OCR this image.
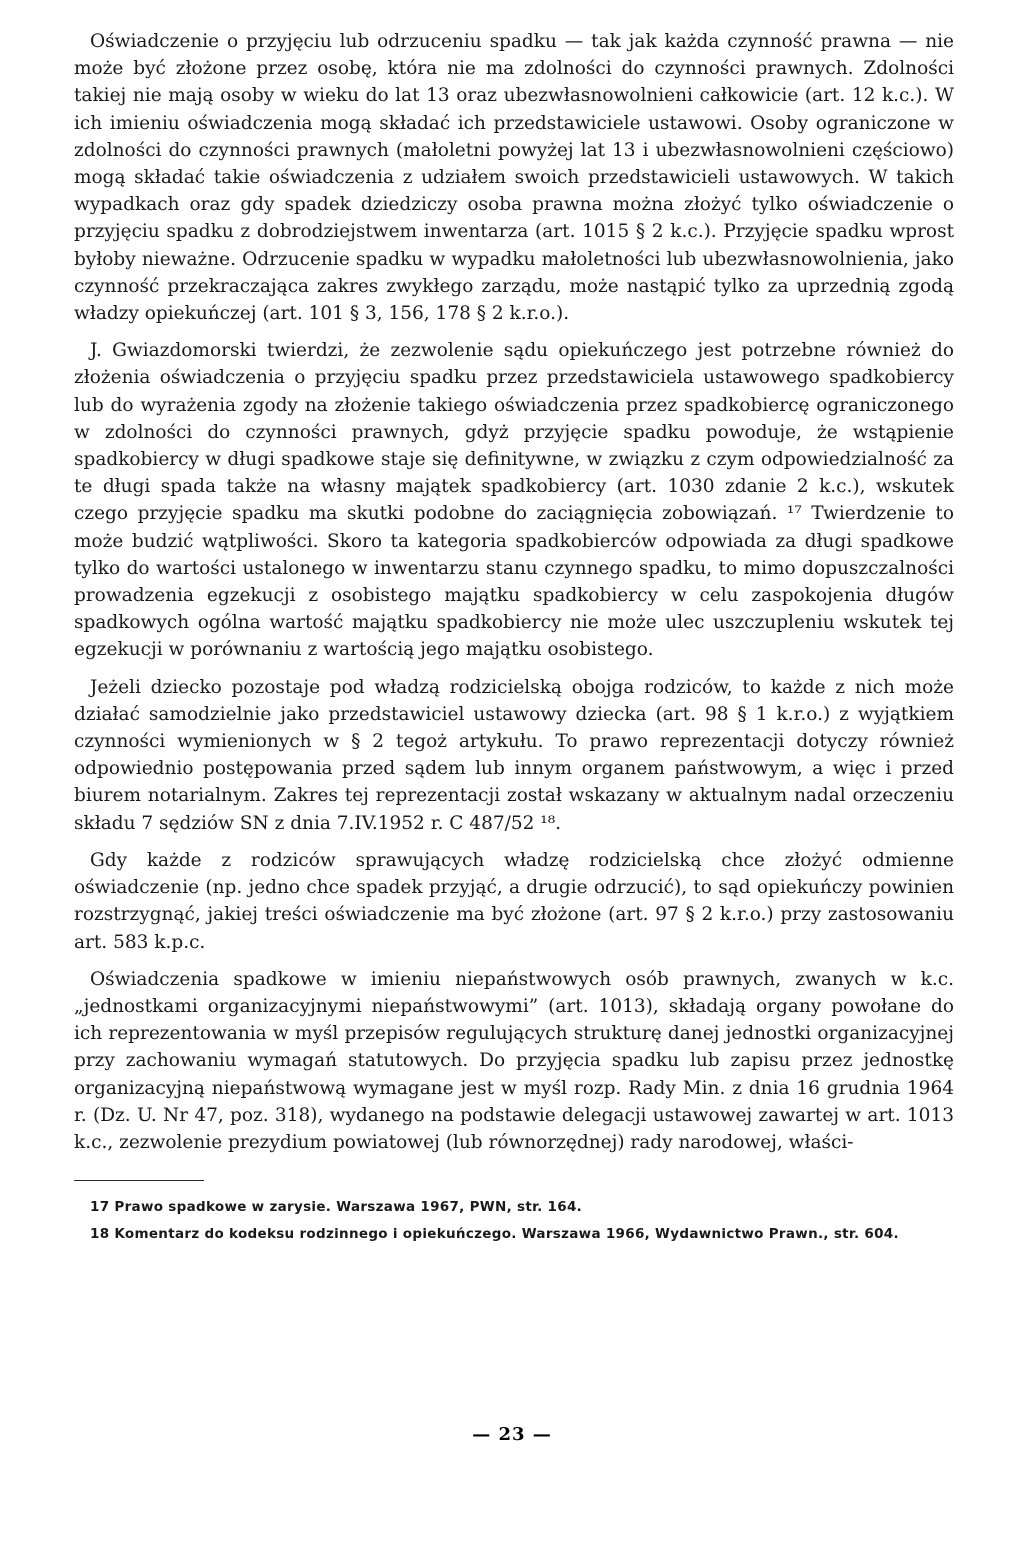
Oświadczenie o przyjęciu lub odrzuceniu spadku — tak jak każda czynność prawna — nie może być złożone przez osobę, która nie ma zdolności do czynności prawnych. Zdolności takiej nie mają osoby w wieku do lat 13 oraz ubezwłasnowolnieni całkowicie (art. 12 k.c.). W ich imieniu oświadczenia mogą składać ich przedstawiciele ustawowi. Osoby ograniczone w zdolności do czynności prawnych (małoletni powyżej lat 13 i ubezwłasnowolnieni częściowo) mogą składać takie oświadczenia z udziałem swoich przedstawicieli ustawowych. W takich wypadkach oraz gdy spadek dziedziczy osoba prawna można złożyć tylko oświadczenie o przyjęciu spadku z dobrodziejstwem inwentarza (art. 1015 § 2 k.c.). Przyjęcie spadku wprost byłoby nieważne. Odrzucenie spadku w wypadku małoletności lub ubezwłasnowolnienia, jako czynność przekraczająca zakres zwykłego zarządu, może nastąpić tylko za uprzednią zgodą władzy opiekuńczej (art. 101 § 3, 156, 178 § 2 k.r.o.).

J. Gwiazdomorski twierdzi, że zezwolenie sądu opiekuńczego jest potrzebne również do złożenia oświadczenia o przyjęciu spadku przez przedstawiciela ustawowego spadkobiercy lub do wyrażenia zgody na złożenie takiego oświadczenia przez spadkobiercę ograniczonego w zdolności do czynności prawnych, gdyż przyjęcie spadku powoduje, że wstąpienie spadkobiercy w długi spadkowe staje się definitywne, w związku z czym odpowiedzialność za te długi spada także na własny majątek spadkobiercy (art. 1030 zdanie 2 k.c.), wskutek czego przyjęcie spadku ma skutki podobne do zaciągnięcia zobowiązań. ¹⁷ Twierdzenie to może budzić wątpliwości. Skoro ta kategoria spadkobierców odpowiada za długi spadkowe tylko do wartości ustalonego w inwentarzu stanu czynnego spadku, to mimo dopuszczalności prowadzenia egzekucji z osobistego majątku spadkobiercy w celu zaspokojenia długów spadkowych ogólna wartość majątku spadkobiercy nie może ulec uszczupleniu wskutek tej egzekucji w porównaniu z wartością jego majątku osobistego.

Jeżeli dziecko pozostaje pod władzą rodzicielską obojga rodziców, to każde z nich może działać samodzielnie jako przedstawiciel ustawowy dziecka (art. 98 § 1 k.r.o.) z wyjątkiem czynności wymienionych w § 2 tegoż artykułu. To prawo reprezentacji dotyczy również odpowiednio postępowania przed sądem lub innym organem państwowym, a więc i przed biurem notarialnym. Zakres tej reprezentacji został wskazany w aktualnym nadal orzeczeniu składu 7 sędziów SN z dnia 7.IV.1952 r. C 487/52 ¹⁸.

Gdy każde z rodziców sprawujących władzę rodzicielską chce złożyć odmienne oświadczenie (np. jedno chce spadek przyjąć, a drugie odrzucić), to sąd opiekuńczy powinien rozstrzygnąć, jakiej treści oświadczenie ma być złożone (art. 97 § 2 k.r.o.) przy zastosowaniu art. 583 k.p.c.

Oświadczenia spadkowe w imieniu niepaństwowych osób prawnych, zwanych w k.c. „jednostkami organizacyjnymi niepaństwowymi” (art. 1013), składają organy powołane do ich reprezentowania w myśl przepisów regulujących strukturę danej jednostki organizacyjnej przy zachowaniu wymagań statutowych. Do przyjęcia spadku lub zapisu przez jednostkę organizacyjną niepaństwową wymagane jest w myśl rozp. Rady Min. z dnia 16 grudnia 1964 r. (Dz. U. Nr 47, poz. 318), wydanego na podstawie delegacji ustawowej zawartej w art. 1013 k.c., zezwolenie prezydium powiatowej (lub równorzędnej) rady narodowej, właści-

17 Prawo spadkowe w zarysie. Warszawa 1967, PWN, str. 164.

18 Komentarz do kodeksu rodzinnego i opiekuńczego. Warszawa 1966, Wydawnictwo Prawn., str. 604.

— 23 —
